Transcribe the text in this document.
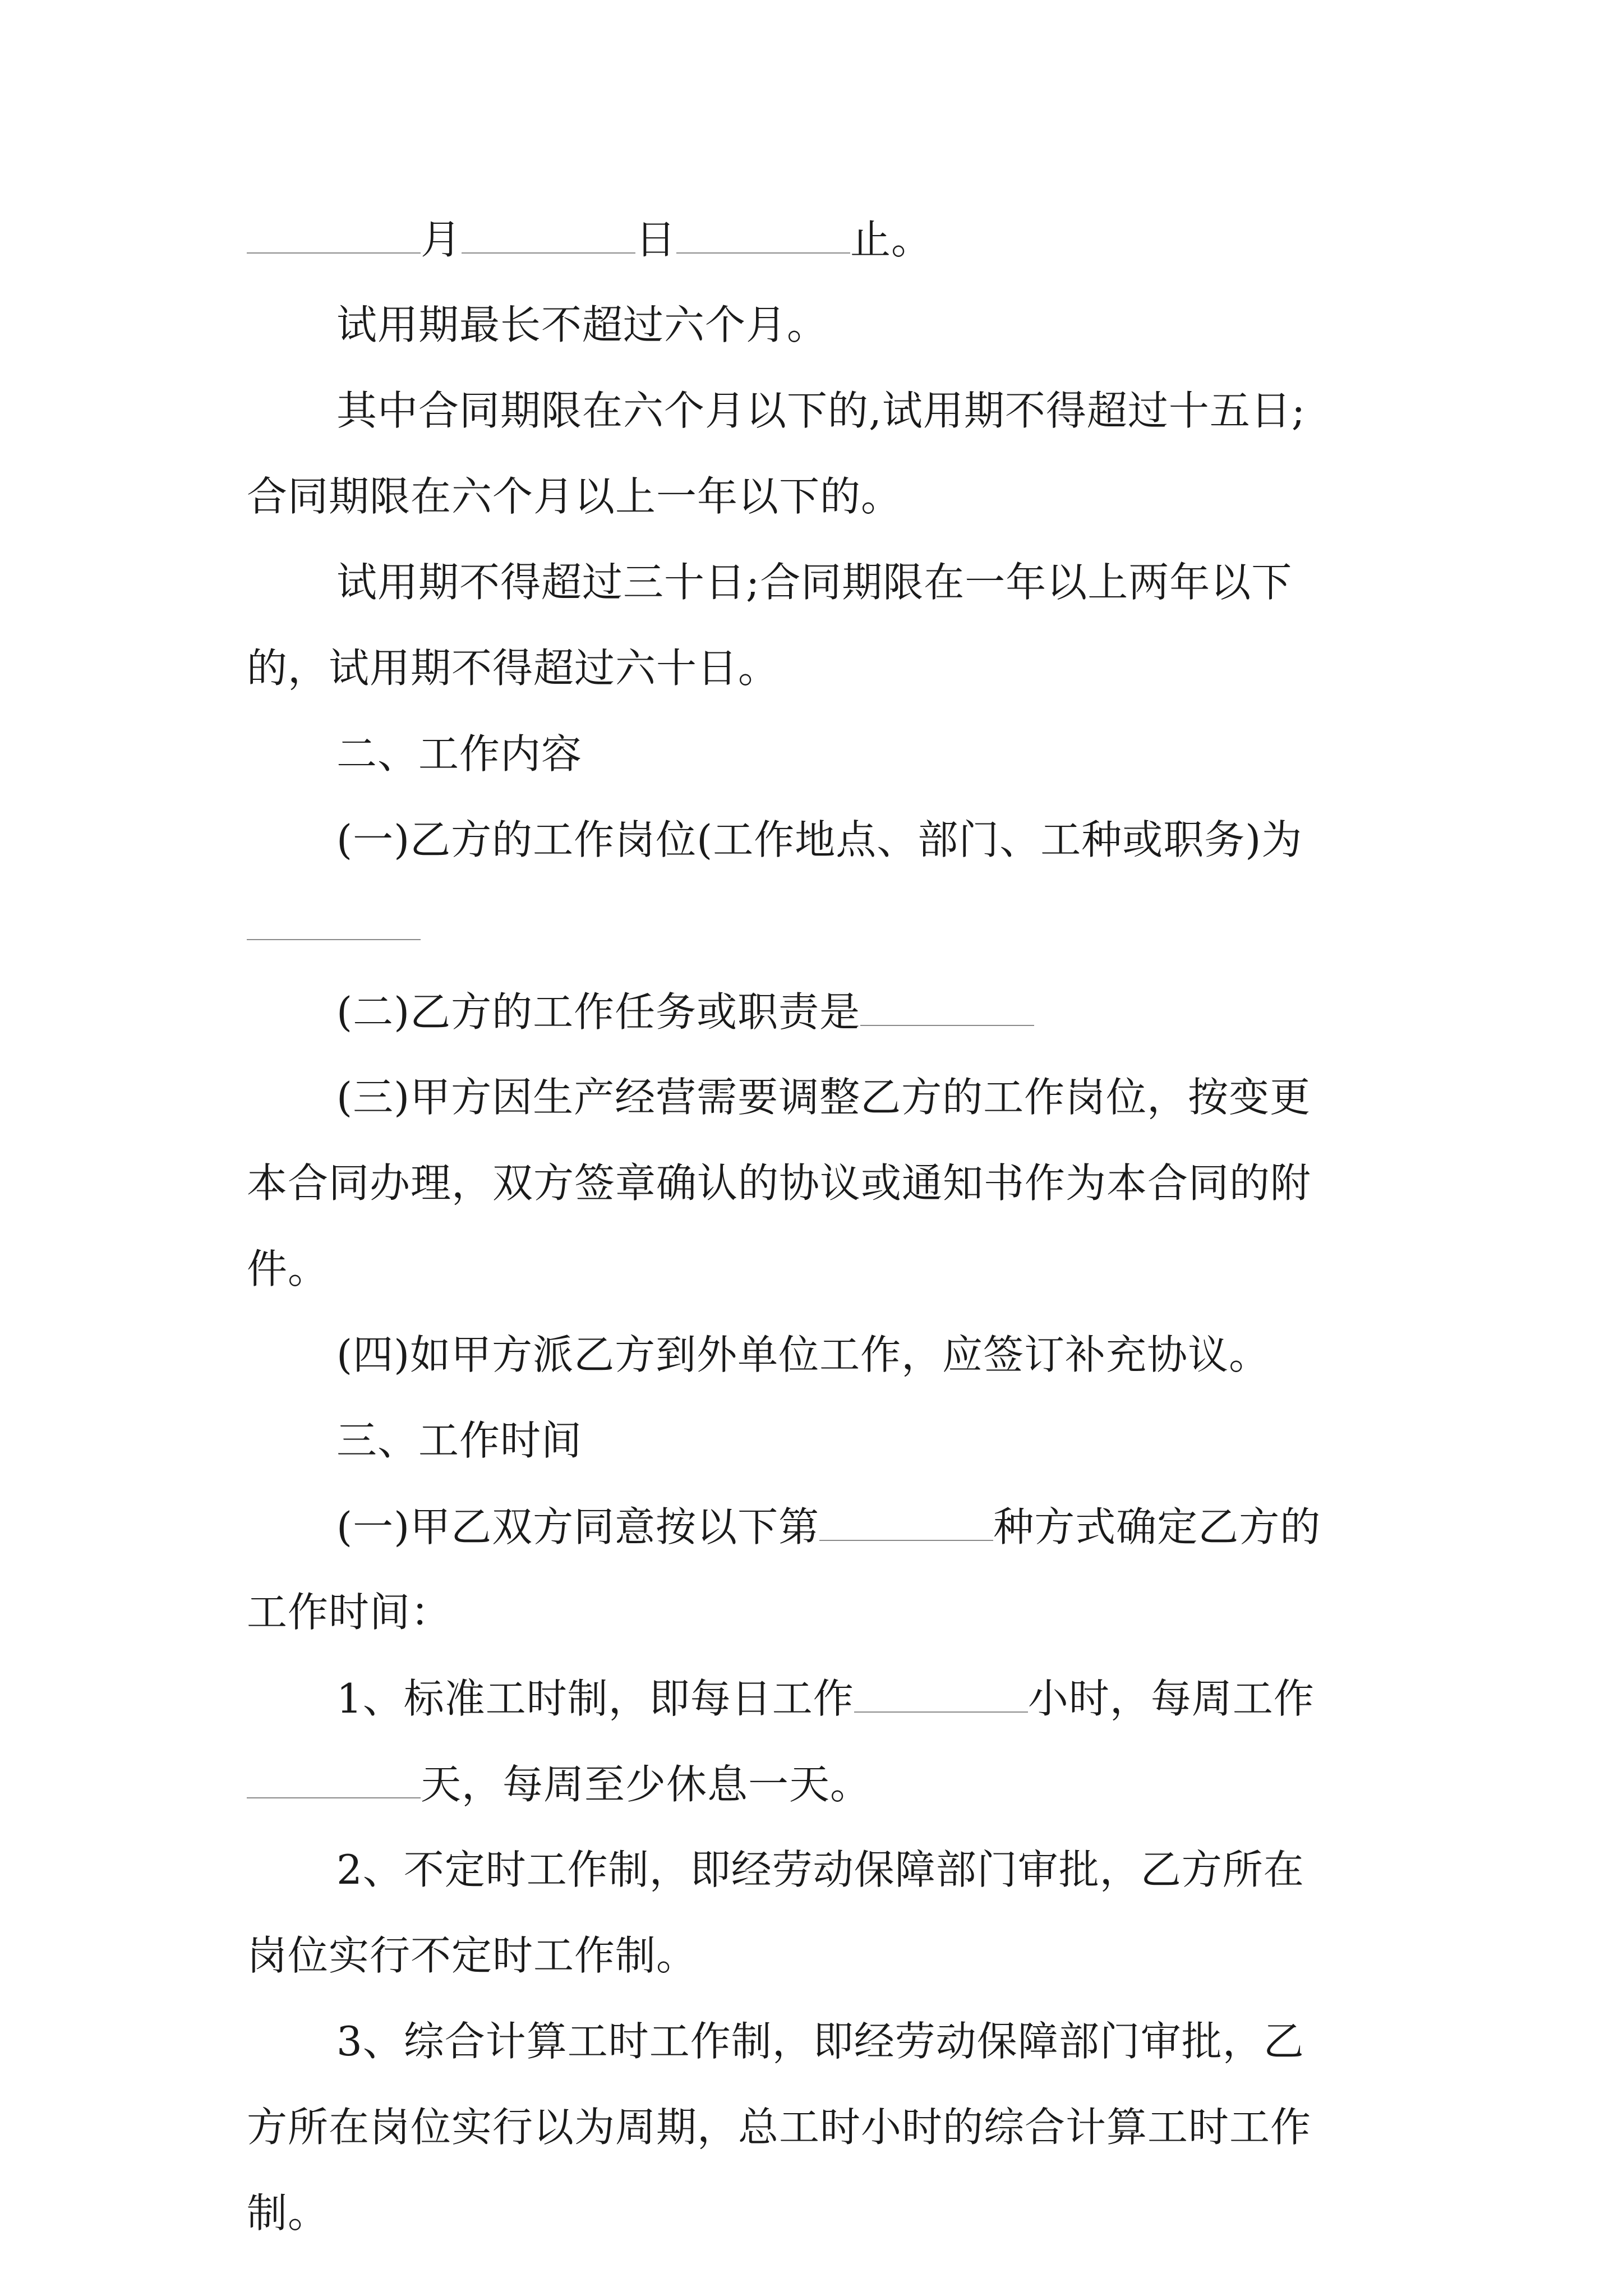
月	日	止。
试用期最长不超过六个月。
其中合同期限在六个月以下的,试用期不得超过十五日;
合同期限在六个月以上一年以下的。
试用期不得超过三十日;合同期限在一年以上两年以下
的，试用期不得超过六十日。
二、工作内容
(一)乙方的工作岗位(工作地点、部门、工种或职务)为
(二)乙方的工作任务或职责是
(三)甲方因生产经营需要调整乙方的工作岗位，按变更
本合同办理，双方签章确认的协议或通知书作为本合同的附
件。
(四)如甲方派乙方到外单位工作，应签订补充协议。
三、工作时间
(一)甲乙双方同意按以下第	种方式确定乙方的
工作时间：
1、标准工时制，即每日工作	小时，每周工作
天，每周至少休息一天。
2、不定时工作制，即经劳动保障部门审批，乙方所在
岗位实行不定时工作制。
3、综合计算工时工作制，即经劳动保障部门审批，乙
方所在岗位实行以为周期，总工时小时的综合计算工时工作
制。
